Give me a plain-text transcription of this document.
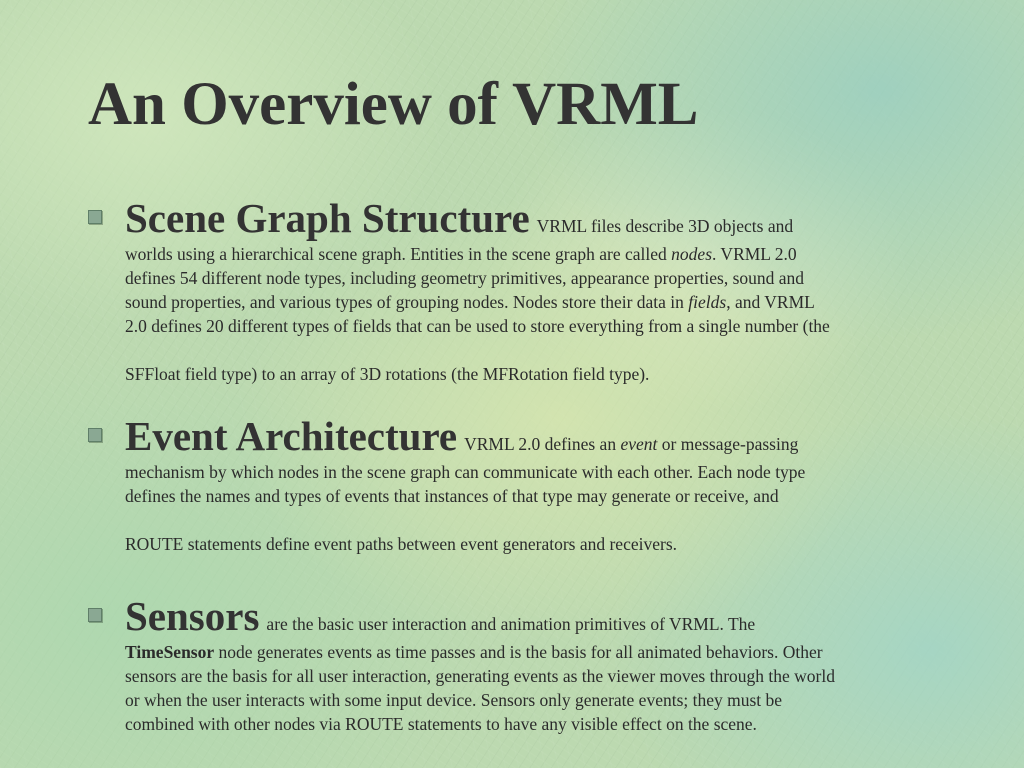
An Overview of VRML
Scene Graph Structure VRML files describe 3D objects and
worlds using a hierarchical scene graph. Entities in the scene graph are called nodes. VRML 2.0
defines 54 different node types, including geometry primitives, appearance properties, sound and
sound properties, and various types of grouping nodes. Nodes store their data in fields, and VRML
2.0 defines 20 different types of fields that can be used to store everything from a single number (the
SFFloat field type) to an array of 3D rotations (the MFRotation field type).
Event Architecture VRML 2.0 defines an event or message-passing
mechanism by which nodes in the scene graph can communicate with each other. Each node type
defines the names and types of events that instances of that type may generate or receive, and
ROUTE statements define event paths between event generators and receivers.
Sensors are the basic user interaction and animation primitives of VRML. The
TimeSensor node generates events as time passes and is the basis for all animated behaviors. Other
sensors are the basis for all user interaction, generating events as the viewer moves through the world
or when the user interacts with some input device. Sensors only generate events; they must be
combined with other nodes via ROUTE statements to have any visible effect on the scene.
